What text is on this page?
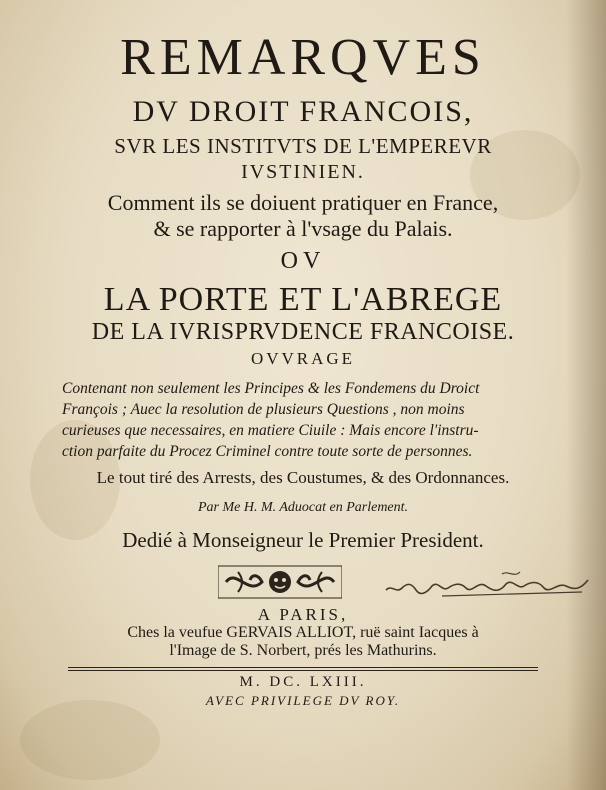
REMARQVES
DV DROIT FRANCOIS,
SVR LES INSTITVTS DE L'EMPEREVR
IVSTINIEN.
Comment ils se doiuent pratiquer en France,
& se rapporter à l'vsage du Palais.
OV
LA PORTE ET L'ABREGE
DE LA IVRISPRVDENCE FRANCOISE.
OVVRAGE
Contenant non seulement les Principes & les Fondemens du Droict
François ; Auec la resolution de plusieurs Questions , non moins
curieuses que necessaires, en matiere Ciuile : Mais encore l'instru-
ction parfaite du Procez Criminel contre toute sorte de personnes.
Le tout tiré des Arrests, des Coustumes, & des Ordonnances.
Par Me H. M. Aduocat en Parlement.
Dedié à Monseigneur le Premier President.
A PARIS,
Ches la veufue GERVAIS ALLIOT, ruë saint Iacques à
l'Image de S. Norbert, prés les Mathurins.
M. DC. LXIII.
AVEC PRIVILEGE DV ROY.
